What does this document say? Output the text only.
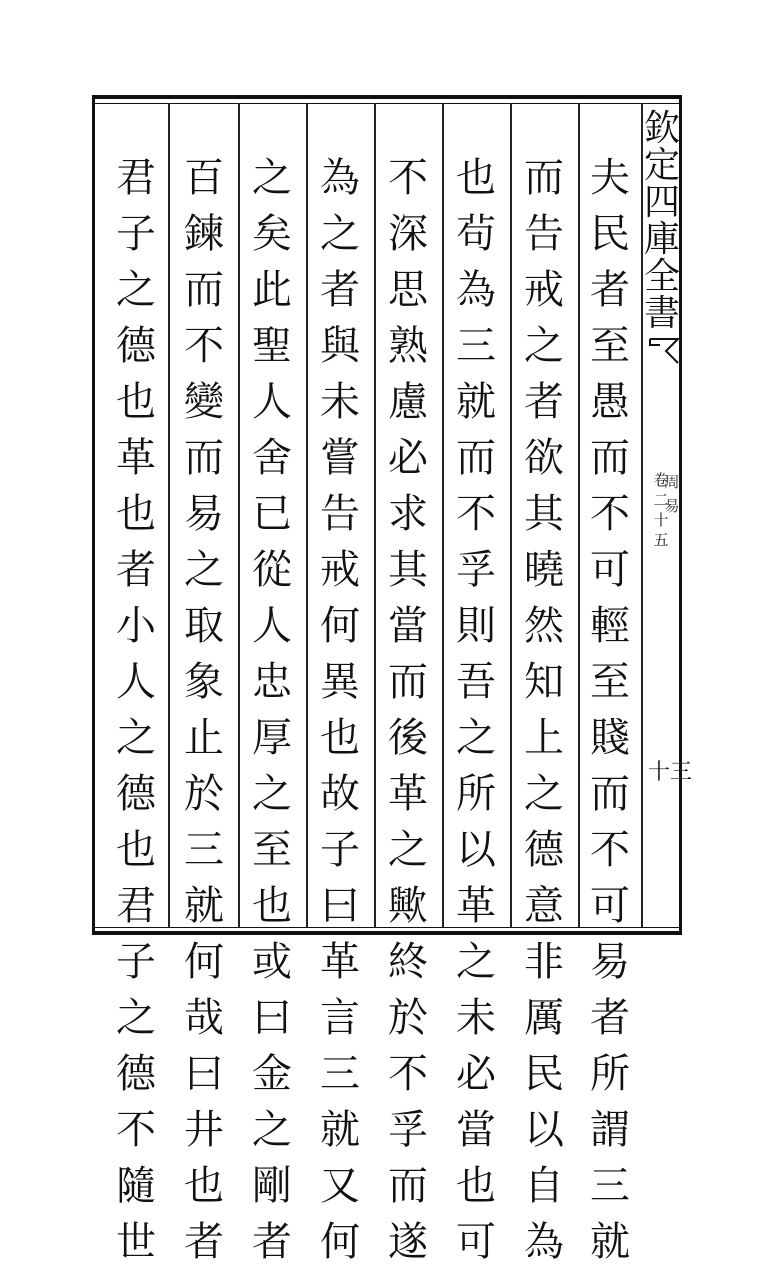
欽
定
四
庫
全
書
卷
二
十
五
周
易
十三
夫
民
者
至
愚
而
不
可
輕
至
賤
而
不
可
易
者
所
謂
三
就
而
告
戒
之
者
欲
其
曉
然
知
上
之
德
意
非
厲
民
以
自
為
也
茍
為
三
就
而
不
孚
則
吾
之
所
以
革
之
未
必
當
也
可
不
深
思
熟
慮
必
求
其
當
而
後
革
之
歟
終
於
不
孚
而
遂
為
之
者
與
未
嘗
告
戒
何
異
也
故
子
曰
革
言
三
就
又
何
之
矣
此
聖
人
舍
已
從
人
忠
厚
之
至
也
或
曰
金
之
剛
者
百
鍊
而
不
變
而
易
之
取
象
止
於
三
就
何
哉
曰
井
也
者
君
子
之
德
也
革
也
者
小
人
之
德
也
君
子
之
德
不
隨
世
